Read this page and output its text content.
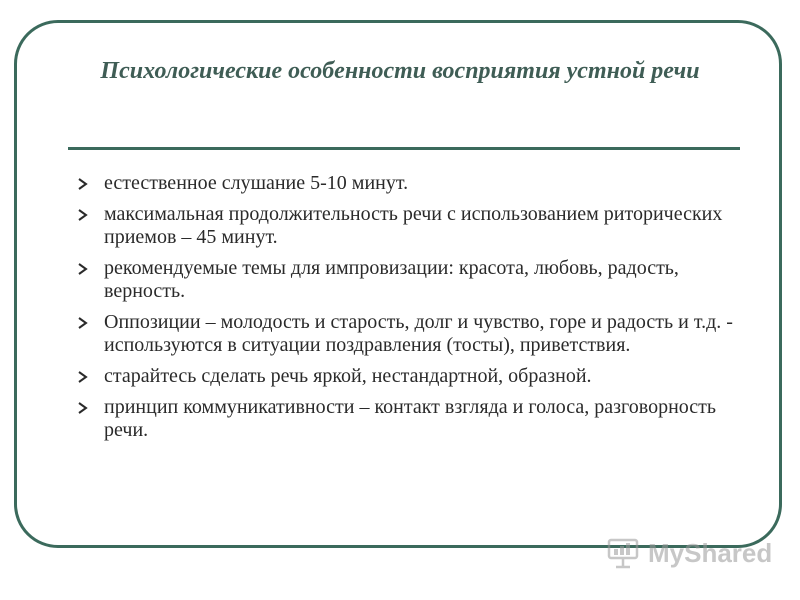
Психологические особенности восприятия устной речи
естественное слушание 5-10 минут.
максимальная продолжительность речи с использованием риторических приемов – 45 минут.
рекомендуемые темы для импровизации: красота, любовь, радость, верность.
Оппозиции – молодость и старость, долг и чувство, горе и радость и т.д. - используются в ситуации поздравления (тосты), приветствия.
старайтесь сделать речь яркой, нестандартной, образной.
принцип коммуникативности – контакт взгляда и голоса, разговорность речи.
MyShared
